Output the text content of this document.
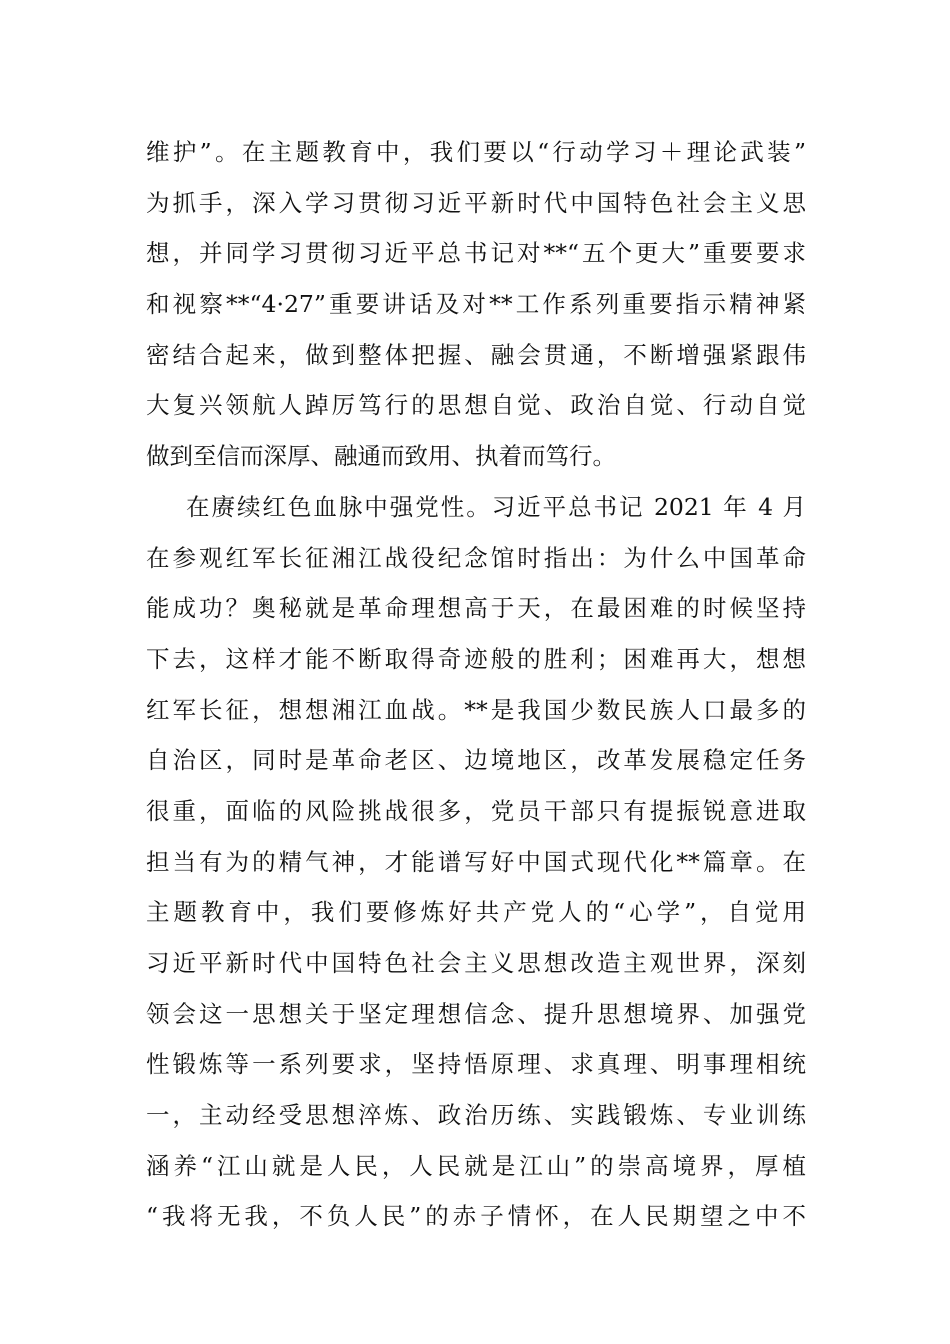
维护”。在主题教育中，我们要以“行动学习＋理论武装”
为抓手，深入学习贯彻习近平新时代中国特色社会主义思
想，并同学习贯彻习近平总书记对**“五个更大”重要要求
和视察**“4·27”重要讲话及对**工作系列重要指示精神紧
密结合起来，做到整体把握、融会贯通，不断增强紧跟伟
大复兴领航人踔厉笃行的思想自觉、政治自觉、行动自觉
做到至信而深厚、融通而致用、执着而笃行。
在赓续红色血脉中强党性。习近平总书记 2021 年 4 月
在参观红军长征湘江战役纪念馆时指出：为什么中国革命
能成功？奥秘就是革命理想高于天，在最困难的时候坚持
下去，这样才能不断取得奇迹般的胜利；困难再大，想想
红军长征，想想湘江血战。**是我国少数民族人口最多的
自治区，同时是革命老区、边境地区，改革发展稳定任务
很重，面临的风险挑战很多，党员干部只有提振锐意进取
担当有为的精气神，才能谱写好中国式现代化**篇章。在
主题教育中，我们要修炼好共产党人的“心学”，自觉用
习近平新时代中国特色社会主义思想改造主观世界，深刻
领会这一思想关于坚定理想信念、提升思想境界、加强党
性锻炼等一系列要求，坚持悟原理、求真理、明事理相统
一，主动经受思想淬炼、政治历练、实践锻炼、专业训练
涵养“江山就是人民，人民就是江山”的崇高境界，厚植
“我将无我，不负人民”的赤子情怀，在人民期望之中不
